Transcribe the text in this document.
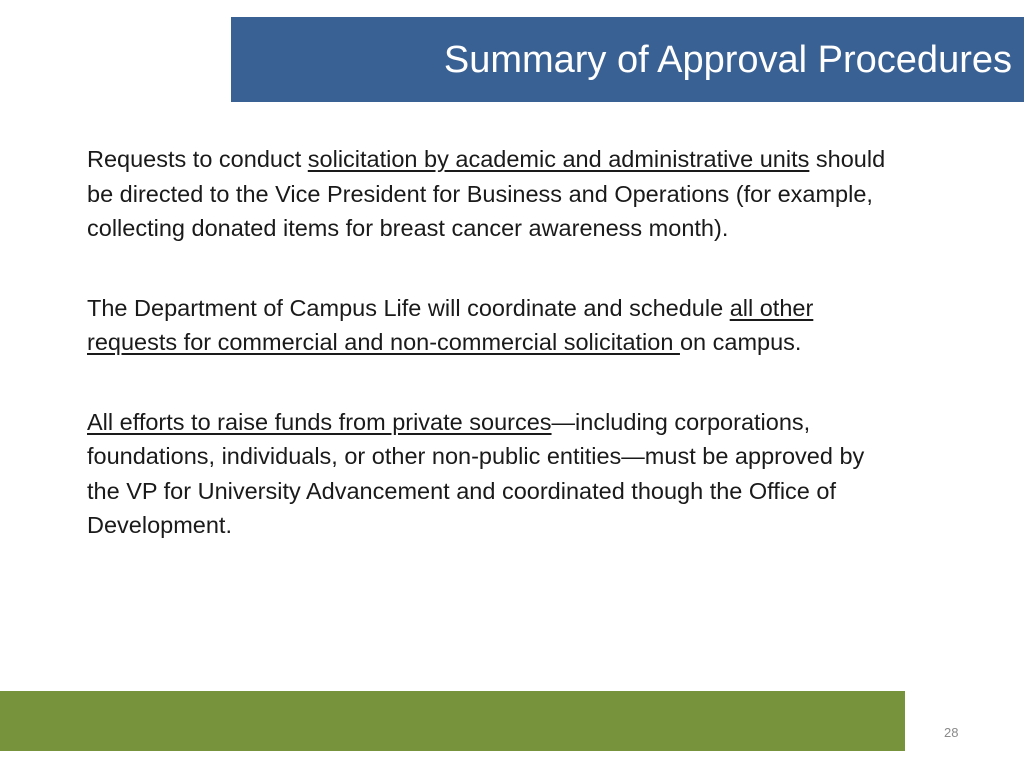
Summary of Approval Procedures

Requests to conduct solicitation by academic and administrative units should be directed to the Vice President for Business and Operations (for example, collecting donated items for breast cancer awareness month).

The Department of Campus Life will coordinate and schedule all other requests for commercial and non-commercial solicitation on campus.

All efforts to raise funds from private sources—including corporations, foundations, individuals, or other non-public entities—must be approved by the VP for University Advancement and coordinated though the Office of Development.

28
